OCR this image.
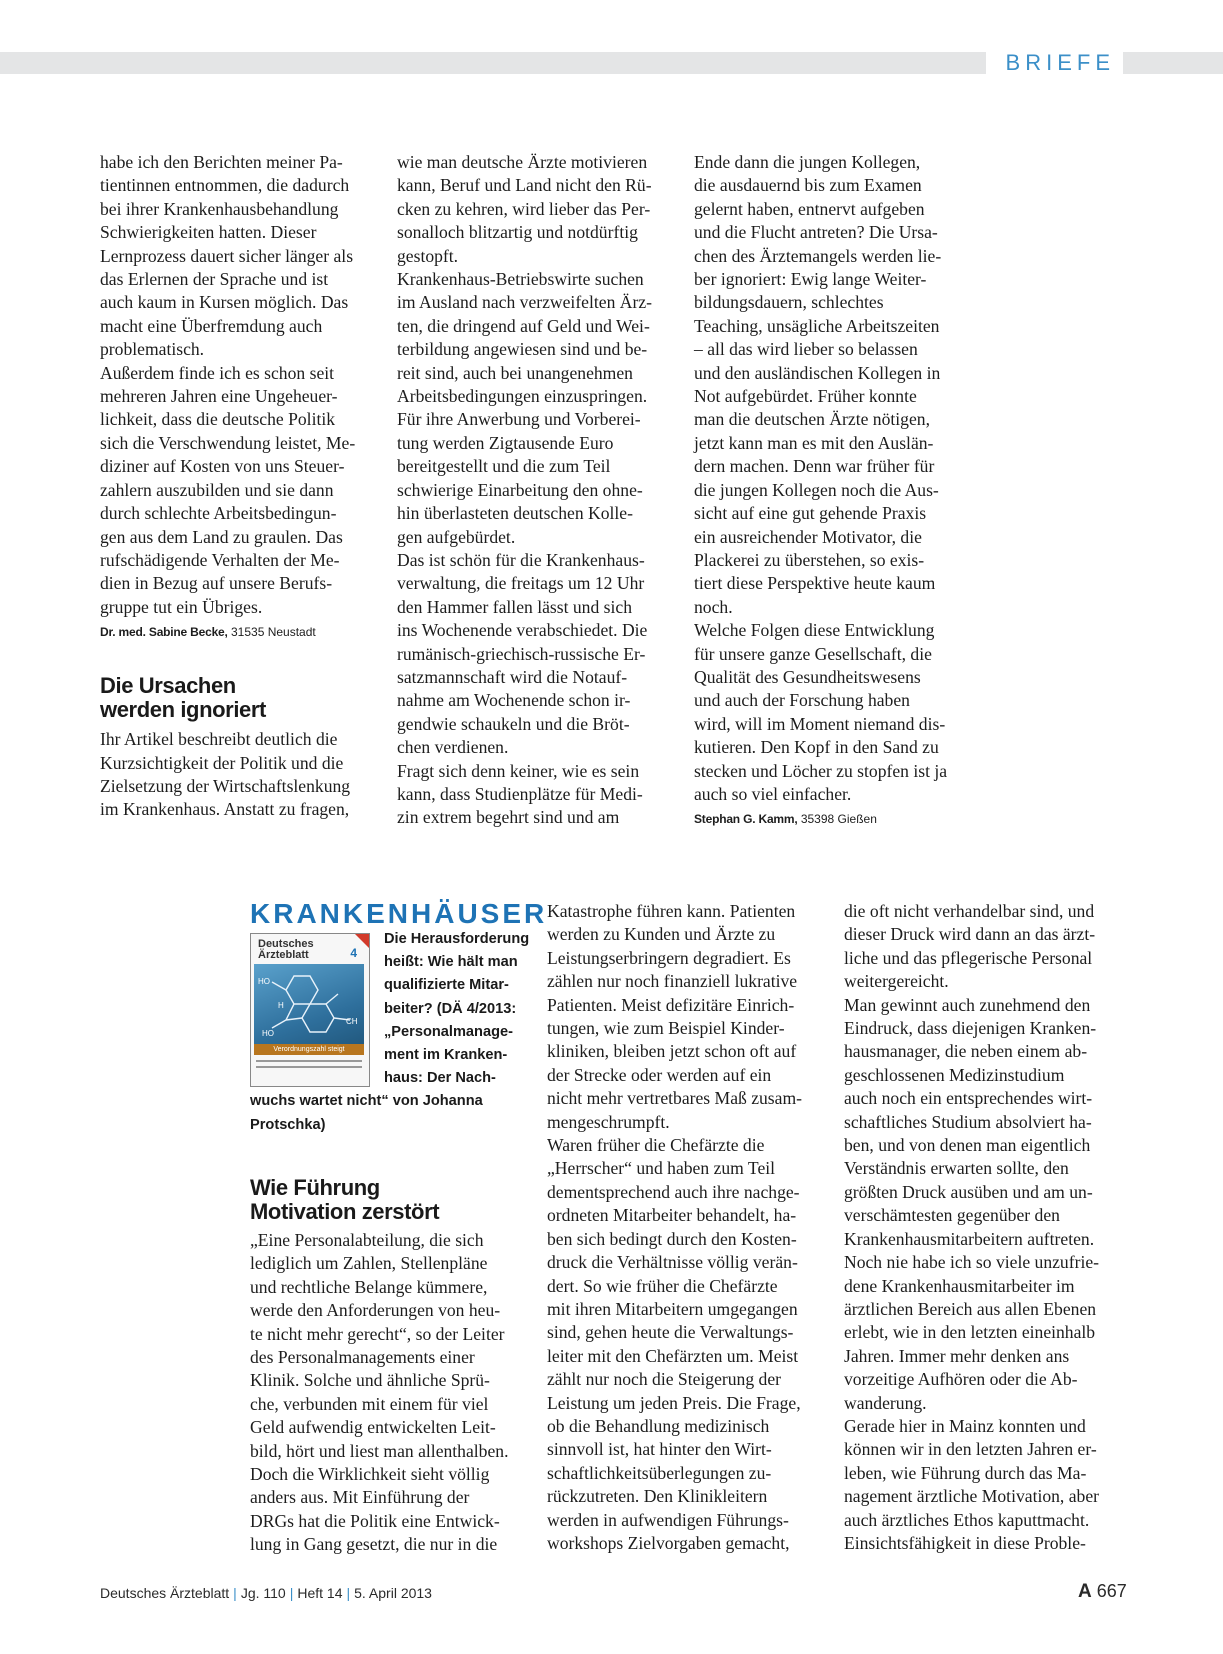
BRIEFE
habe ich den Berichten meiner Pa-
tientinnen entnommen, die dadurch
bei ihrer Krankenhausbehandlung
Schwierigkeiten hatten. Dieser
Lernprozess dauert sicher länger als
das Erlernen der Sprache und ist
auch kaum in Kursen möglich. Das
macht eine Überfremdung auch
problematisch.
Außerdem finde ich es schon seit
mehreren Jahren eine Ungeheuer-
lichkeit, dass die deutsche Politik
sich die Verschwendung leistet, Me-
diziner auf Kosten von uns Steuer-
zahlern auszubilden und sie dann
durch schlechte Arbeitsbedingun-
gen aus dem Land zu graulen. Das
rufschädigende Verhalten der Me-
dien in Bezug auf unsere Berufs-
gruppe tut ein Übriges.
Dr. med. Sabine Becke, 31535 Neustadt
Die Ursachen
werden ignoriert
Ihr Artikel beschreibt deutlich die
Kurzsichtigkeit der Politik und die
Zielsetzung der Wirtschaftslenkung
im Krankenhaus. Anstatt zu fragen,
wie man deutsche Ärzte motivieren
kann, Beruf und Land nicht den Rü-
cken zu kehren, wird lieber das Per-
sonalloch blitzartig und notdürftig
gestopft.
Krankenhaus-Betriebswirte suchen
im Ausland nach verzweifelten Ärz-
ten, die dringend auf Geld und Wei-
terbildung angewiesen sind und be-
reit sind, auch bei unangenehmen
Arbeitsbedingungen einzuspringen.
Für ihre Anwerbung und Vorberei-
tung werden Zigtausende Euro
bereitgestellt und die zum Teil
schwierige Einarbeitung den ohne-
hin überlasteten deutschen Kolle-
gen aufgebürdet.
Das ist schön für die Krankenhaus-
verwaltung, die freitags um 12 Uhr
den Hammer fallen lässt und sich
ins Wochenende verabschiedet. Die
rumänisch-griechisch-russische Er-
satzmannschaft wird die Notauf-
nahme am Wochenende schon ir-
gendwie schaukeln und die Bröt-
chen verdienen.
Fragt sich denn keiner, wie es sein
kann, dass Studienplätze für Medi-
zin extrem begehrt sind und am
Ende dann die jungen Kollegen,
die ausdauernd bis zum Examen
gelernt haben, entnervt aufgeben
und die Flucht antreten? Die Ursa-
chen des Ärztemangels werden lie-
ber ignoriert: Ewig lange Weiter-
bildungsdauern, schlechtes
Teaching, unsägliche Arbeitszeiten
– all das wird lieber so belassen
und den ausländischen Kollegen in
Not aufgebürdet. Früher konnte
man die deutschen Ärzte nötigen,
jetzt kann man es mit den Auslän-
dern machen. Denn war früher für
die jungen Kollegen noch die Aus-
sicht auf eine gut gehende Praxis
ein ausreichender Motivator, die
Plackerei zu überstehen, so exis-
tiert diese Perspektive heute kaum
noch.
Welche Folgen diese Entwicklung
für unsere ganze Gesellschaft, die
Qualität des Gesundheitswesens
und auch der Forschung haben
wird, will im Moment niemand dis-
kutieren. Den Kopf in den Sand zu
stecken und Löcher zu stopfen ist ja
auch so viel einfacher.
Stephan G. Kamm, 35398 Gießen
KRANKENHÄUSER
Deutsches
Ärzteblatt	4
HO
HO
H
CH
Verordnungszahl steigt
Die Herausforderung
heißt: Wie hält man
qualifizierte Mitar-
beiter? (DÄ 4/2013:
„Personalmanage-
ment im Kranken-
haus: Der Nach-
wuchs wartet nicht“ von Johanna
Protschka)
Wie Führung
Motivation zerstört
„Eine Personalabteilung, die sich
lediglich um Zahlen, Stellenpläne
und rechtliche Belange kümmere,
werde den Anforderungen von heu-
te nicht mehr gerecht“, so der Leiter
des Personalmanagements einer
Klinik. Solche und ähnliche Sprü-
che, verbunden mit einem für viel
Geld aufwendig entwickelten Leit-
bild, hört und liest man allenthalben.
Doch die Wirklichkeit sieht völlig
anders aus. Mit Einführung der
DRGs hat die Politik eine Entwick-
lung in Gang gesetzt, die nur in die
Katastrophe führen kann. Patienten
werden zu Kunden und Ärzte zu
Leistungserbringern degradiert. Es
zählen nur noch finanziell lukrative
Patienten. Meist defizitäre Einrich-
tungen, wie zum Beispiel Kinder-
kliniken, bleiben jetzt schon oft auf
der Strecke oder werden auf ein
nicht mehr vertretbares Maß zusam-
mengeschrumpft.
Waren früher die Chefärzte die
„Herrscher“ und haben zum Teil
dementsprechend auch ihre nachge-
ordneten Mitarbeiter behandelt, ha-
ben sich bedingt durch den Kosten-
druck die Verhältnisse völlig verän-
dert. So wie früher die Chefärzte
mit ihren Mitarbeitern umgegangen
sind, gehen heute die Verwaltungs-
leiter mit den Chefärzten um. Meist
zählt nur noch die Steigerung der
Leistung um jeden Preis. Die Frage,
ob die Behandlung medizinisch
sinnvoll ist, hat hinter den Wirt-
schaftlichkeitsüberlegungen zu-
rückzutreten. Den Klinikleitern
werden in aufwendigen Führungs-
workshops Zielvorgaben gemacht,
die oft nicht verhandelbar sind, und
dieser Druck wird dann an das ärzt-
liche und das pflegerische Personal
weitergereicht.
Man gewinnt auch zunehmend den
Eindruck, dass diejenigen Kranken-
hausmanager, die neben einem ab-
geschlossenen Medizinstudium
auch noch ein entsprechendes wirt-
schaftliches Studium absolviert ha-
ben, und von denen man eigentlich
Verständnis erwarten sollte, den
größten Druck ausüben und am un-
verschämtesten gegenüber den
Krankenhausmitarbeitern auftreten.
Noch nie habe ich so viele unzufrie-
dene Krankenhausmitarbeiter im
ärztlichen Bereich aus allen Ebenen
erlebt, wie in den letzten eineinhalb
Jahren. Immer mehr denken ans
vorzeitige Aufhören oder die Ab-
wanderung.
Gerade hier in Mainz konnten und
können wir in den letzten Jahren er-
leben, wie Führung durch das Ma-
nagement ärztliche Motivation, aber
auch ärztliches Ethos kaputtmacht.
Einsichtsfähigkeit in diese Proble-
Deutsches Ärzteblatt | Jg. 110 | Heft 14 | 5. April 2013	A 667
